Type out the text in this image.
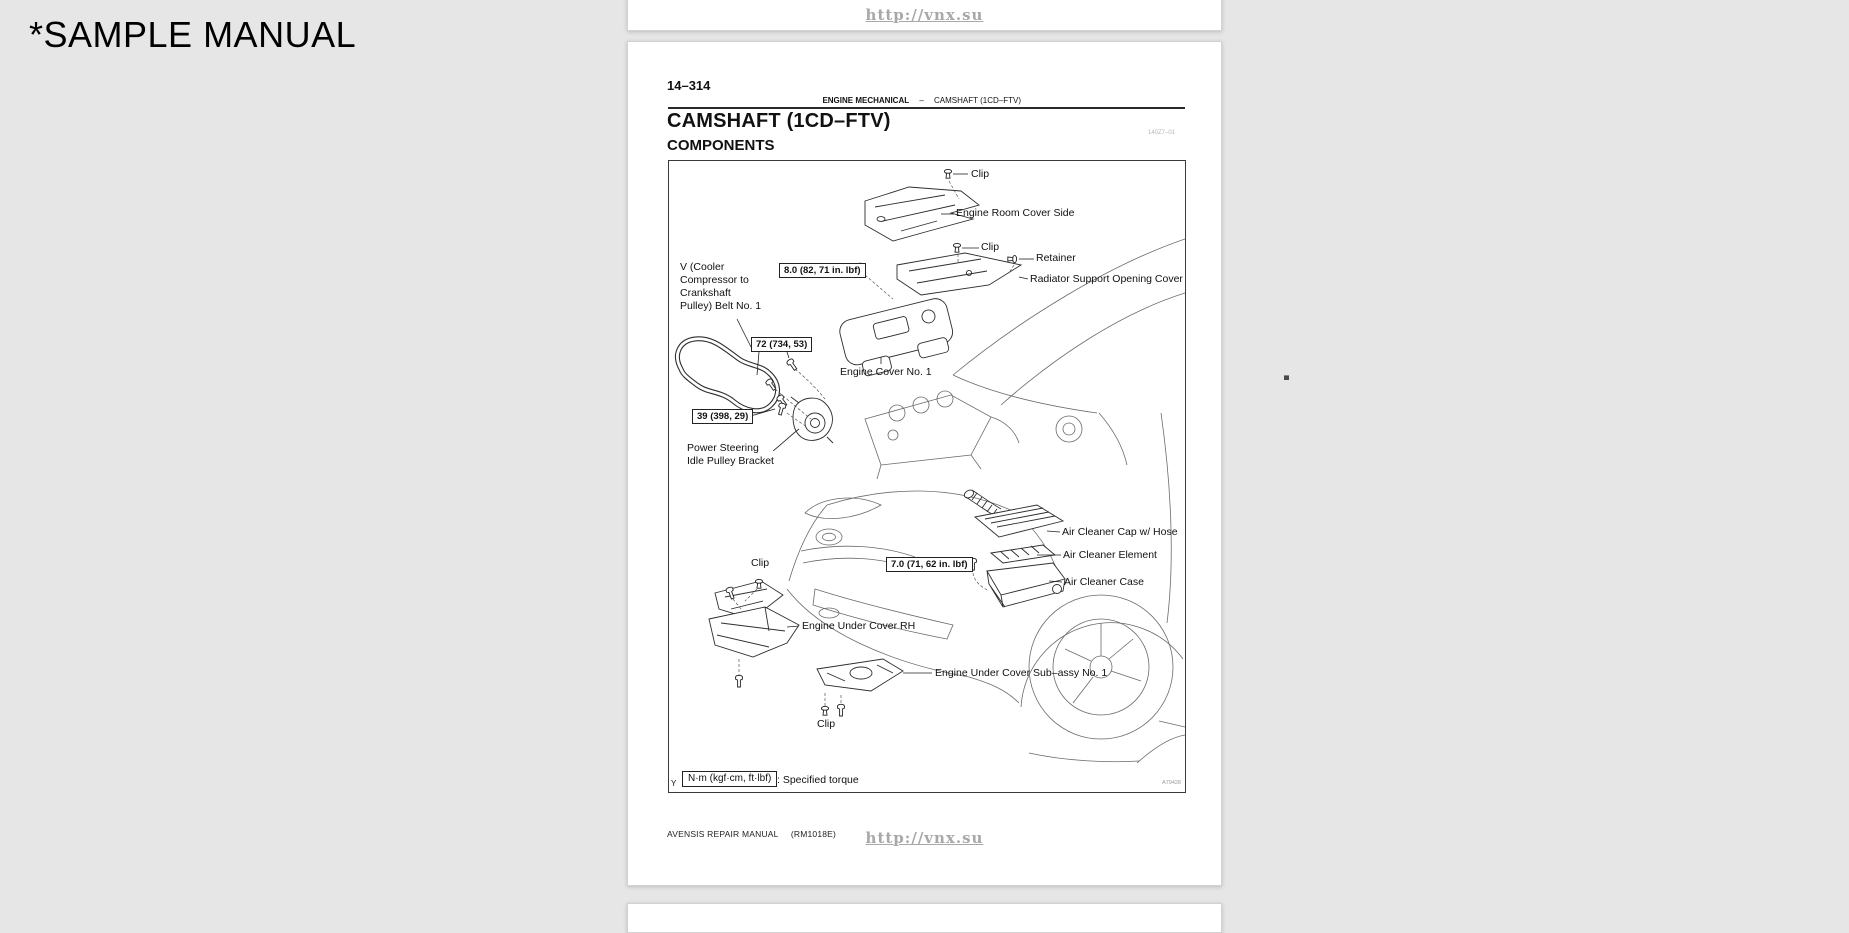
*SAMPLE MANUAL	http://vnx.su
14–314
ENGINE MECHANICAL – CAMSHAFT (1CD–FTV)
140Z7–01
CAMSHAFT (1CD–FTV)
COMPONENTS
Clip
Engine Room Cover Side
Clip
Retainer
Radiator Support Opening Cover
V (Cooler
Compressor to
Crankshaft
Pulley) Belt No. 1
8.0 (82, 71 in. lbf)
72 (734, 53)
39 (398, 29)
7.0 (71, 62 in. lbf)
Engine Cover No. 1
Power Steering
Idle Pulley Bracket
Air Cleaner Cap w/ Hose
Air Cleaner Element
Air Cleaner Case
Clip
Engine Under Cover RH
Engine Under Cover Sub–assy No. 1
Clip
Y	N·m (kgf·cm, ft·lbf) : Specified torque	A79428
AVENSIS REPAIR MANUAL (RM1018E)	http://vnx.su
